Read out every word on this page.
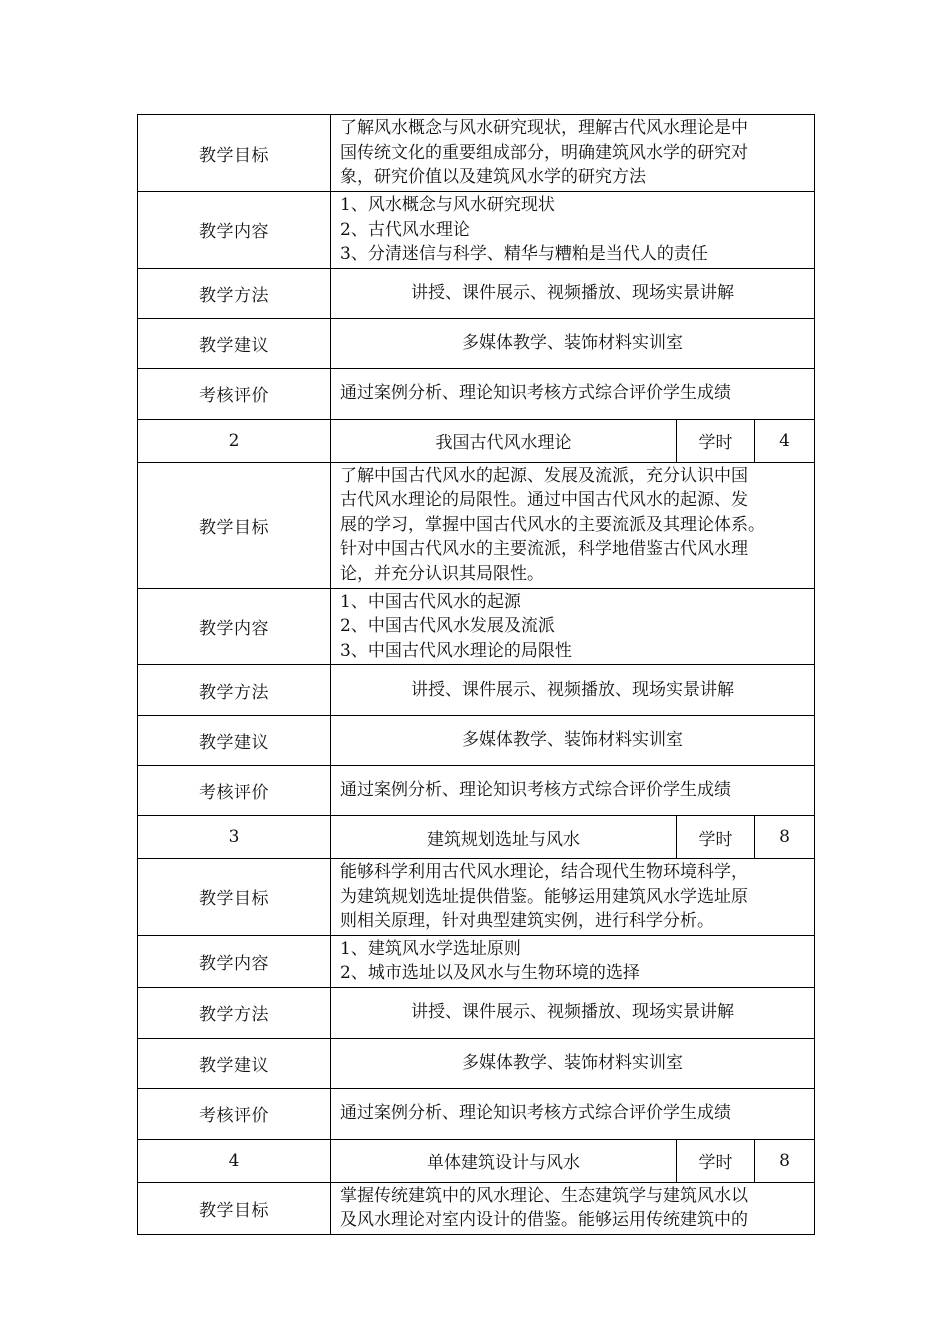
教学目标	了解风水概念与风水研究现状，理解古代风水理论是中
国传统文化的重要组成部分，明确建筑风水学的研究对
象，研究价值以及建筑风水学的研究方法		

教学内容	1、风水概念与风水研究现状
2、古代风水理论
3、分清迷信与科学、精华与糟粕是当代人的责任		

教学方法	讲授、课件展示、视频播放、现场实景讲解		
教学建议	多媒体教学、装饰材料实训室		
考核评价	通过案例分析、理论知识考核方式综合评价学生成绩		
2	我国古代风水理论	学时	4
教学目标	了解中国古代风水的起源、发展及流派，充分认识中国
古代风水理论的局限性。通过中国古代风水的起源、发
展的学习，掌握中国古代风水的主要流派及其理论体系。
针对中国古代风水的主要流派，科学地借鉴古代风水理
论，并充分认识其局限性。		

教学内容	1、中国古代风水的起源
2、中国古代风水发展及流派
3、中国古代风水理论的局限性		

教学方法	讲授、课件展示、视频播放、现场实景讲解		
教学建议	多媒体教学、装饰材料实训室		
考核评价	通过案例分析、理论知识考核方式综合评价学生成绩		
3	建筑规划选址与风水	学时	8
教学目标	能够科学利用古代风水理论，结合现代生物环境科学，
为建筑规划选址提供借鉴。能够运用建筑风水学选址原
则相关原理，针对典型建筑实例，进行科学分析。		

教学内容	1、建筑风水学选址原则
2、城市选址以及风水与生物环境的选择		

教学方法	讲授、课件展示、视频播放、现场实景讲解		
教学建议	多媒体教学、装饰材料实训室		
考核评价	通过案例分析、理论知识考核方式综合评价学生成绩		
4	单体建筑设计与风水	学时	8
教学目标	掌握传统建筑中的风水理论、生态建筑学与建筑风水以
及风水理论对室内设计的借鉴。能够运用传统建筑中的		
